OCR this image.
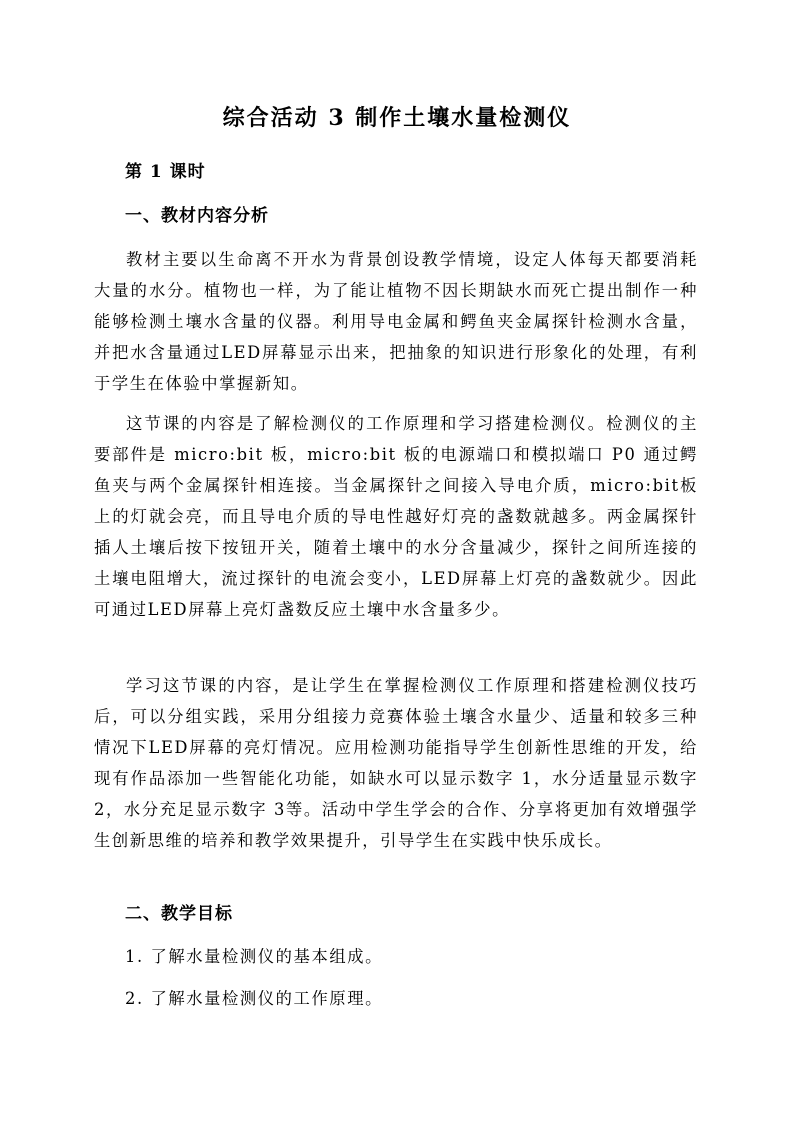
综合活动 3 制作土壤水量检测仪
第 1 课时
一、教材内容分析

教材主要以生命离不开水为背景创设教学情境，设定人体每天都要消耗大量的水分。植物也一样，为了能让植物不因长期缺水而死亡提出制作一种能够检测土壤水含量的仪器。利用导电金属和鳄鱼夹金属探针检测水含量，并把水含量通过LED屏幕显示出来，把抽象的知识进行形象化的处理，有利于学生在体验中掌握新知。

这节课的内容是了解检测仪的工作原理和学习搭建检测仪。检测仪的主要部件是 micro:bit 板，micro:bit 板的电源端口和模拟端口 P0 通过鳄鱼夹与两个金属探针相连接。当金属探针之间接入导电介质，micro:bit板上的灯就会亮，而且导电介质的导电性越好灯亮的盏数就越多。两金属探针插人土壤后按下按钮开关，随着土壤中的水分含量减少，探针之间所连接的土壤电阻增大，流过探针的电流会变小，LED屏幕上灯亮的盏数就少。因此可通过LED屏幕上亮灯盏数反应土壤中水含量多少。

学习这节课的内容，是让学生在掌握检测仪工作原理和搭建检测仪技巧后，可以分组实践，采用分组接力竞赛体验土壤含水量少、适量和较多三种情况下LED屏幕的亮灯情况。应用检测功能指导学生创新性思维的开发，给现有作品添加一些智能化功能，如缺水可以显示数字 1，水分适量显示数字 2，水分充足显示数字 3等。活动中学生学会的合作、分享将更加有效增强学生创新思维的培养和教学效果提升，引导学生在实践中快乐成长。

二、教学目标
1. 了解水量检测仪的基本组成。
2. 了解水量检测仪的工作原理。
